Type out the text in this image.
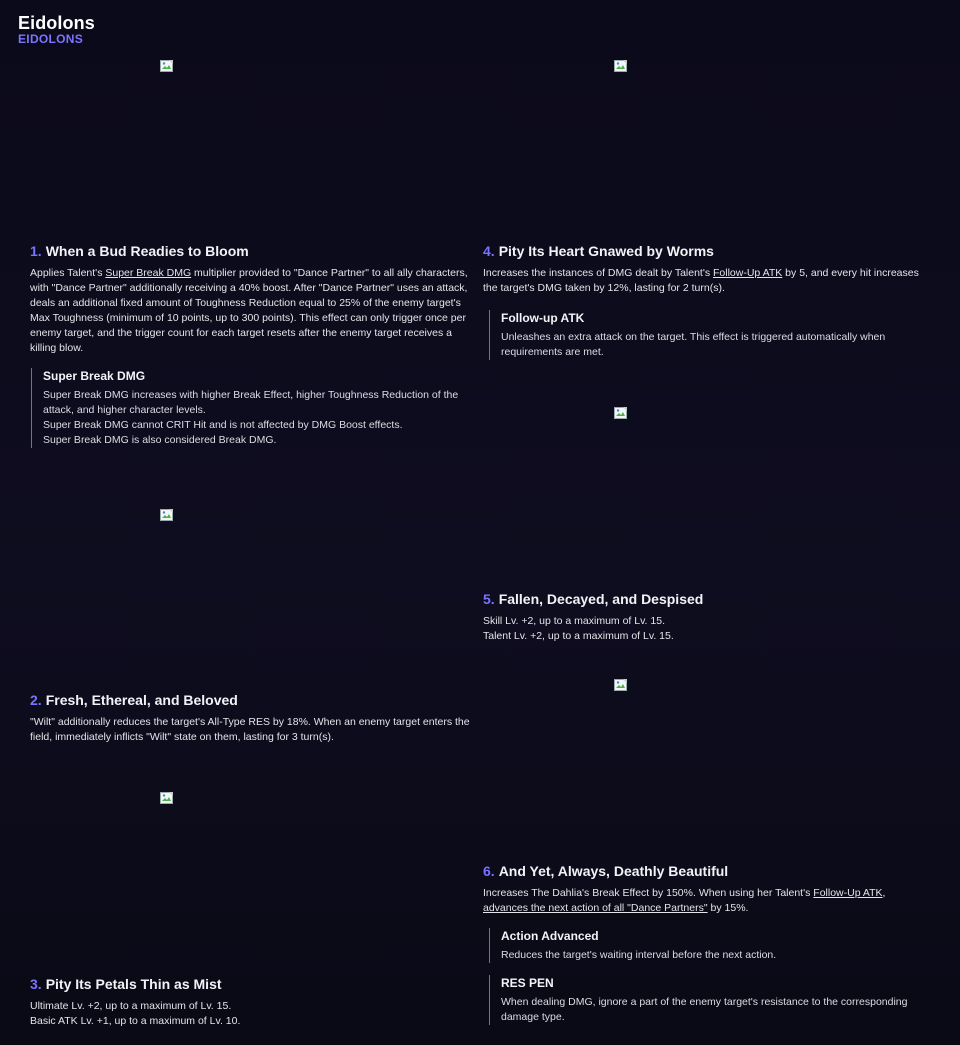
Eidolons
EIDOLONS
1. When a Bud Readies to Bloom

Applies Talent's Super Break DMG multiplier provided to "Dance Partner" to all ally characters, with "Dance Partner" additionally receiving a 40% boost. After "Dance Partner" uses an attack, deals an additional fixed amount of Toughness Reduction equal to 25% of the enemy target's Max Toughness (minimum of 10 points, up to 300 points). This effect can only trigger once per enemy target, and the trigger count for each target resets after the enemy target receives a killing blow.

Super Break DMG
Super Break DMG increases with higher Break Effect, higher Toughness Reduction of the attack, and higher character levels.
Super Break DMG cannot CRIT Hit and is not affected by DMG Boost effects.
Super Break DMG is also considered Break DMG.
2. Fresh, Ethereal, and Beloved

"Wilt" additionally reduces the target's All-Type RES by 18%. When an enemy target enters the field, immediately inflicts "Wilt" state on them, lasting for 3 turn(s).

3. Pity Its Petals Thin as Mist

Ultimate Lv. +2, up to a maximum of Lv. 15.
Basic ATK Lv. +1, up to a maximum of Lv. 10.

4. Pity Its Heart Gnawed by Worms

Increases the instances of DMG dealt by Talent's Follow-Up ATK by 5, and every hit increases the target's DMG taken by 12%, lasting for 2 turn(s).

Follow-up ATK
Unleashes an extra attack on the target. This effect is triggered automatically when requirements are met.
5. Fallen, Decayed, and Despised

Skill Lv. +2, up to a maximum of Lv. 15.
Talent Lv. +2, up to a maximum of Lv. 15.

6. And Yet, Always, Deathly Beautiful

Increases The Dahlia's Break Effect by 150%. When using her Talent's Follow-Up ATK, advances the next action of all "Dance Partners" by 15%.

Action Advanced
Reduces the target's waiting interval before the next action.
RES PEN
When dealing DMG, ignore a part of the enemy target's resistance to the corresponding damage type.
